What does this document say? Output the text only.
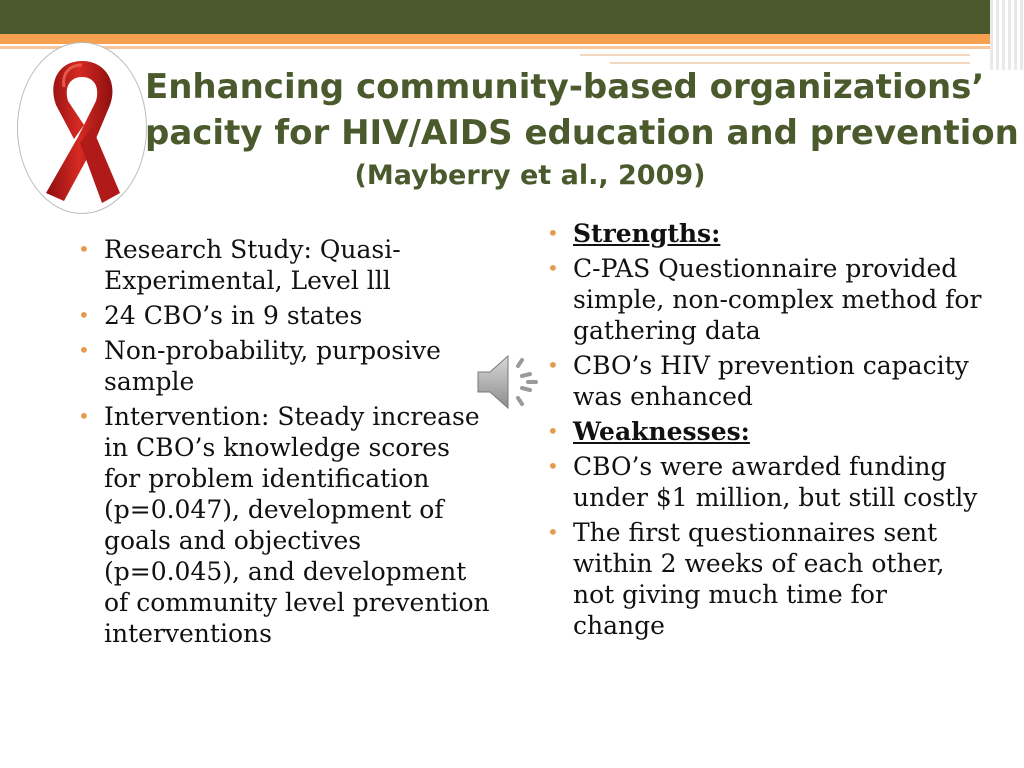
Enhancing community-based organizations’
pacity for HIV/AIDS education and prevention
(Mayberry et al., 2009)
• Research Study: Quasi-Experimental, Level lll
• 24 CBO’s in 9 states
• Non-probability, purposive sample
• Intervention: Steady increase in CBO’s knowledge scores for problem identification (p=0.047), development of goals and objectives (p=0.045), and development of community level prevention interventions
• Strengths:
• C-PAS Questionnaire provided simple, non-complex method for gathering data
• CBO’s HIV prevention capacity was enhanced
• Weaknesses:
• CBO’s were awarded funding under $1 million, but still costly
• The first questionnaires sent within 2 weeks of each other, not giving much time for change
